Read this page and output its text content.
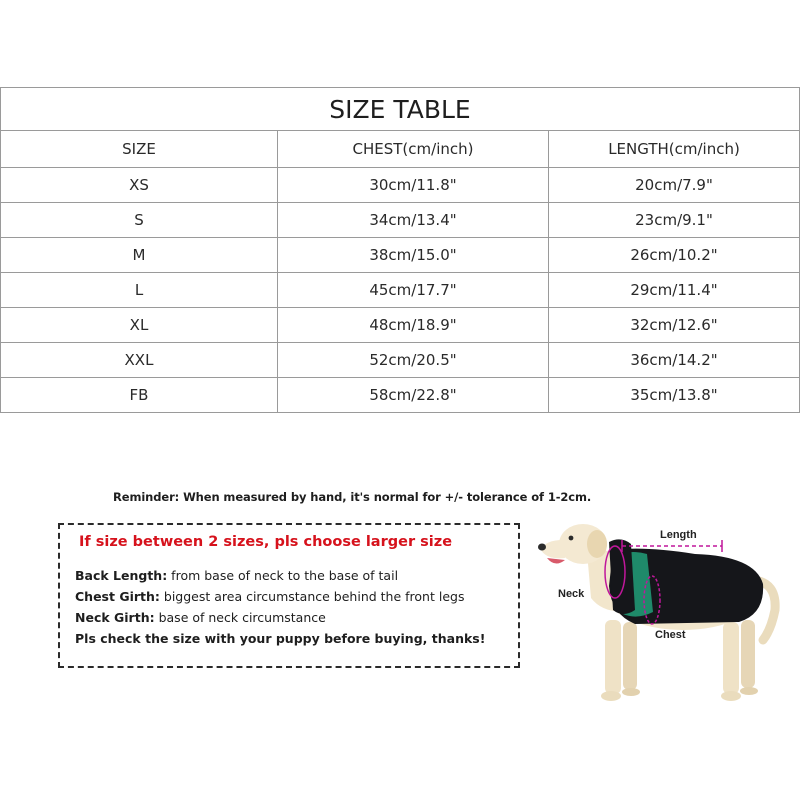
SIZE TABLE		
SIZE	CHEST(cm/inch)	LENGTH(cm/inch)
XS	30cm/11.8"	20cm/7.9"
S	34cm/13.4"	23cm/9.1"
M	38cm/15.0"	26cm/10.2"
L	45cm/17.7"	29cm/11.4"
XL	48cm/18.9"	32cm/12.6"
XXL	52cm/20.5"	36cm/14.2"
FB	58cm/22.8"	35cm/13.8"
Reminder: When measured by hand, it's normal for +/- tolerance of 1-2cm.
If size between 2 sizes, pls choose larger size
Back Length: from base of neck to the base of tail
Chest Girth: biggest area circumstance behind the front legs
Neck Girth: base of neck circumstance
Pls check the size with your puppy before buying, thanks!
Length
Neck
Chest
